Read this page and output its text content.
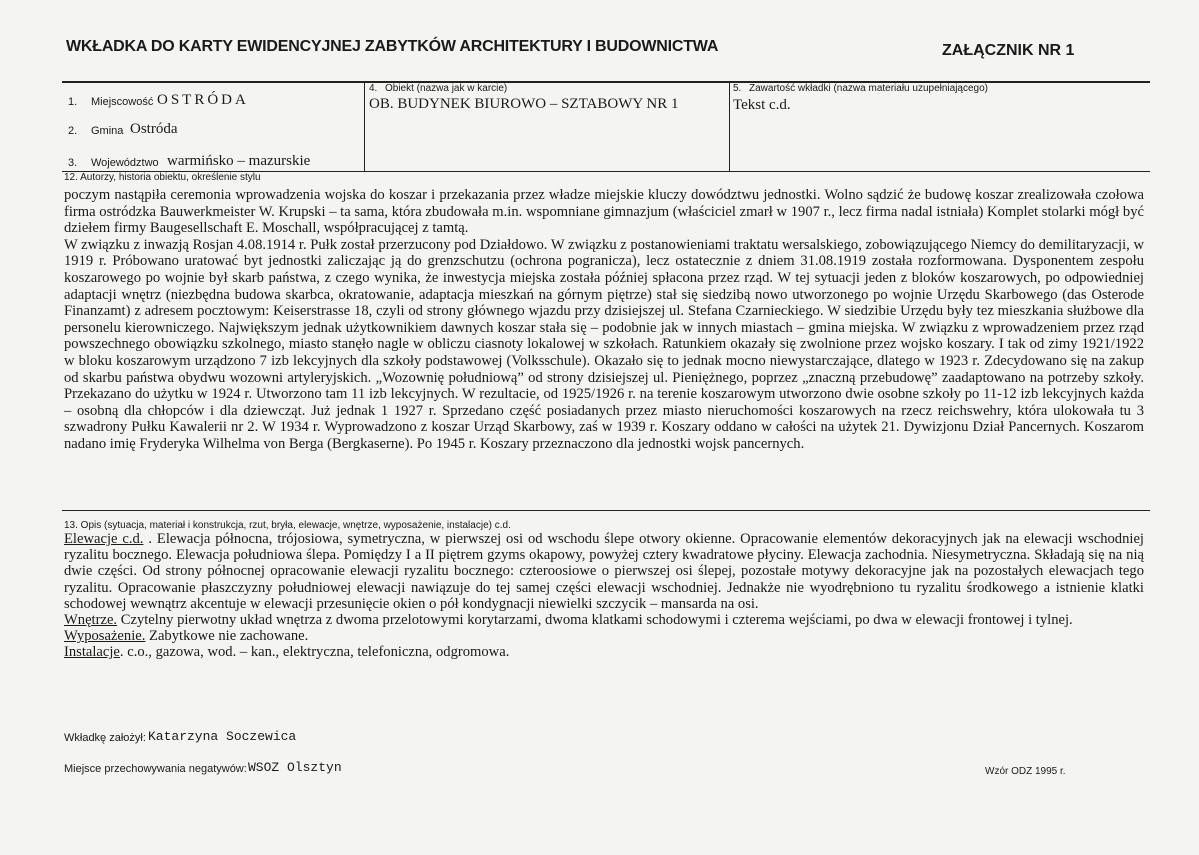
WKŁADKA DO KARTY EWIDENCYJNEJ ZABYTKÓW ARCHITEKTURY I BUDOWNICTWA	ZAŁĄCZNIK NR 1
1. Miejscowość OSTRÓDA
2. Gmina Ostróda
3. Województwo warmińsko – mazurskie
4. Obiekt (nazwa jak w karcie)
OB. BUDYNEK BIUROWO – SZTABOWY NR 1
5. Zawartość wkładki (nazwa materiału uzupełniającego)
Tekst c.d.
12. Autorzy, historia obiektu, określenie stylu

poczym nastąpiła ceremonia wprowadzenia wojska do koszar i przekazania przez władze miejskie kluczy dowództwu jednostki. Wolno sądzić że budowę koszar zrealizowała czołowa firma ostródzka Bauwerkmeister W. Krupski – ta sama, która zbudowała m.in. wspomniane gimnazjum (właściciel zmarł w 1907 r., lecz firma nadal istniała) Komplet stolarki mógł być dziełem firmy Baugesellschaft E. Moschall, współpracującej z tamtą.

W związku z inwazją Rosjan 4.08.1914 r. Pułk został przerzucony pod Działdowo. W związku z postanowieniami traktatu wersalskiego, zobowiązującego Niemcy do demilitaryzacji, w 1919 r. Próbowano uratować byt jednostki zaliczając ją do grenzschutzu (ochrona pogranicza), lecz ostatecznie z dniem 31.08.1919 została rozformowana. Dysponentem zespołu koszarowego po wojnie był skarb państwa, z czego wynika, że inwestycja miejska została później spłacona przez rząd. W tej sytuacji jeden z bloków koszarowych, po odpowiedniej adaptacji wnętrz (niezbędna budowa skarbca, okratowanie, adaptacja mieszkań na górnym piętrze) stał się siedzibą nowo utworzonego po wojnie Urzędu Skarbowego (das Osterode Finanzamt) z adresem pocztowym: Keiserstrasse 18, czyli od strony głównego wjazdu przy dzisiejszej ul. Stefana Czarnieckiego. W siedzibie Urzędu były tez mieszkania służbowe dla personelu kierowniczego. Największym jednak użytkownikiem dawnych koszar stała się – podobnie jak w innych miastach – gmina miejska. W związku z wprowadzeniem przez rząd powszechnego obowiązku szkolnego, miasto stanęło nagle w obliczu ciasnoty lokalowej w szkołach. Ratunkiem okazały się zwolnione przez wojsko koszary. I tak od zimy 1921/1922 w bloku koszarowym urządzono 7 izb lekcyjnych dla szkoły podstawowej (Volksschule). Okazało się to jednak mocno niewystarczające, dlatego w 1923 r. Zdecydowano się na zakup od skarbu państwa obydwu wozowni artyleryjskich. „Wozownię południową” od strony dzisiejszej ul. Pieniężnego, poprzez „znaczną przebudowę” zaadaptowano na potrzeby szkoły. Przekazano do użytku w 1924 r. Utworzono tam 11 izb lekcyjnych. W rezultacie, od 1925/1926 r. na terenie koszarowym utworzono dwie osobne szkoły po 11-12 izb lekcyjnych każda – osobną dla chłopców i dla dziewcząt. Już jednak 1 1927 r. Sprzedano część posiadanych przez miasto nieruchomości koszarowych na rzecz reichswehry, która ulokowała tu 3 szwadrony Pułku Kawalerii nr 2. W 1934 r. Wyprowadzono z koszar Urząd Skarbowy, zaś w 1939 r. Koszary oddano w całości na użytek 21. Dywizjonu Dział Pancernych. Koszarom nadano imię Fryderyka Wilhelma von Berga (Bergkaserne). Po 1945 r. Koszary przeznaczono dla jednostki wojsk pancernych.

13. Opis (sytuacja, materiał i konstrukcja, rzut, bryła, elewacje, wnętrze, wyposażenie, instalacje) c.d.

Elewacje c.d. . Elewacja północna, trójosiowa, symetryczna, w pierwszej osi od wschodu ślepe otwory okienne. Opracowanie elementów dekoracyjnych jak na elewacji wschodniej ryzalitu bocznego. Elewacja południowa ślepa. Pomiędzy I a II piętrem gzyms okapowy, powyżej cztery kwadratowe płyciny. Elewacja zachodnia. Niesymetryczna. Składają się na nią dwie części. Od strony północnej opracowanie elewacji ryzalitu bocznego: czteroosiowe o pierwszej osi ślepej, pozostałe motywy dekoracyjne jak na pozostałych elewacjach tego ryzalitu. Opracowanie płaszczyzny południowej elewacji nawiązuje do tej samej części elewacji wschodniej. Jednakże nie wyodrębniono tu ryzalitu środkowego a istnienie klatki schodowej wewnątrz akcentuje w elewacji przesunięcie okien o pół kondygnacji niewielki szczycik – mansarda na osi.

Wnętrze. Czytelny pierwotny układ wnętrza z dwoma przelotowymi korytarzami, dwoma klatkami schodowymi i czterema wejściami, po dwa w elewacji frontowej i tylnej.

Wyposażenie. Zabytkowe nie zachowane.

Instalacje. c.o., gazowa, wod. – kan., elektryczna, telefoniczna, odgromowa.

Wkładkę założył: Katarzyna Soczewica
Miejsce przechowywania negatywów: WSOZ Olsztyn	Wzór ODZ 1995 r.
